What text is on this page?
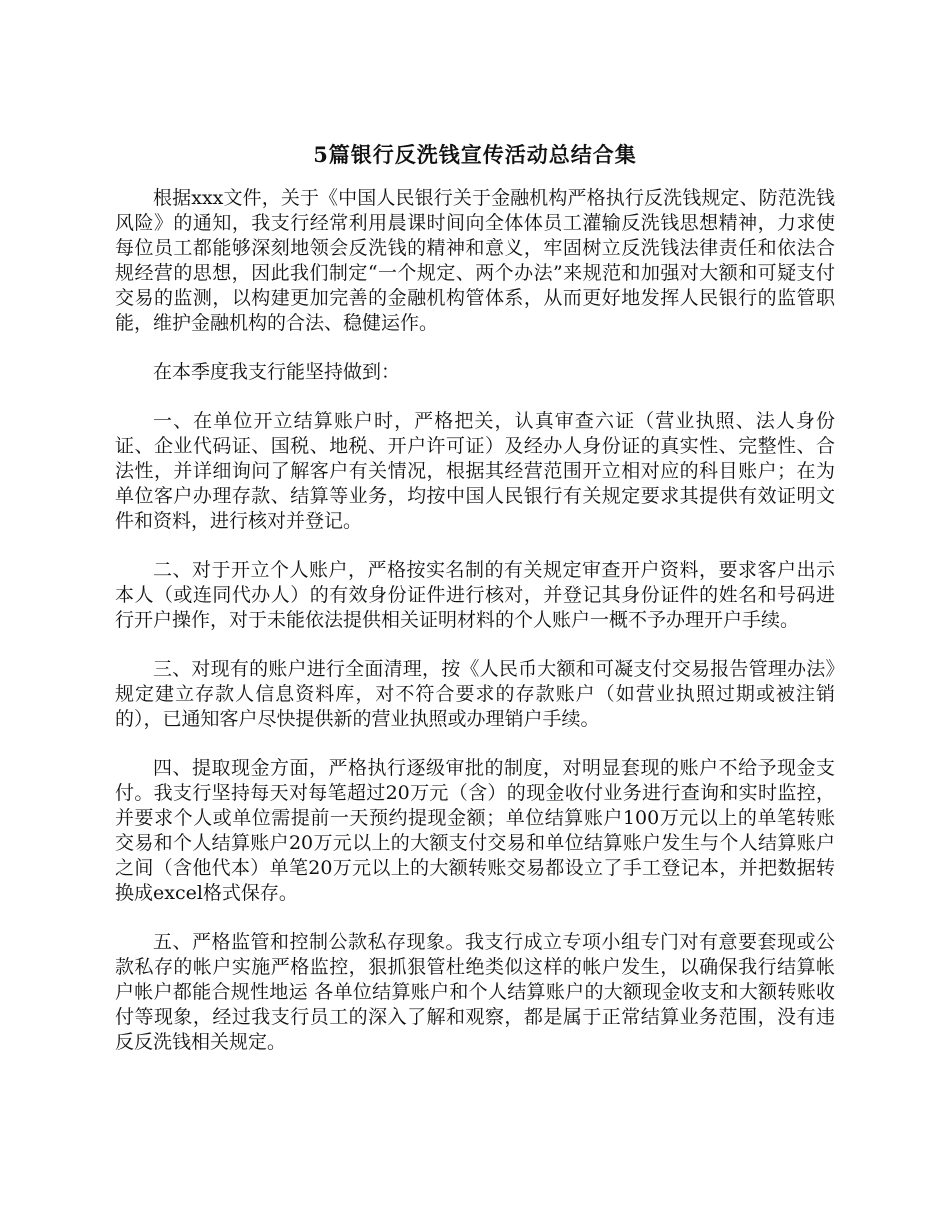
5篇银行反洗钱宣传活动总结合集

根据xxx文件，关于《中国人民银行关于金融机构严格执行反洗钱规定、防范洗钱风险》的通知，我支行经常利用晨课时间向全体体员工灌输反洗钱思想精神，力求使每位员工都能够深刻地领会反洗钱的精神和意义，牢固树立反洗钱法律责任和依法合规经营的思想，因此我们制定“一个规定、两个办法”来规范和加强对大额和可疑支付交易的监测，以构建更加完善的金融机构管体系，从而更好地发挥人民银行的监管职能，维护金融机构的合法、稳健运作。

在本季度我支行能坚持做到：

一、在单位开立结算账户时，严格把关，认真审查六证（营业执照、法人身份证、企业代码证、国税、地税、开户许可证）及经办人身份证的真实性、完整性、合法性，并详细询问了解客户有关情况，根据其经营范围开立相对应的科目账户；在为单位客户办理存款、结算等业务，均按中国人民银行有关规定要求其提供有效证明文件和资料，进行核对并登记。

二、对于开立个人账户，严格按实名制的有关规定审查开户资料，要求客户出示本人（或连同代办人）的有效身份证件进行核对，并登记其身份证件的姓名和号码进行开户操作，对于未能依法提供相关证明材料的个人账户一概不予办理开户手续。

三、对现有的账户进行全面清理，按《人民币大额和可凝支付交易报告管理办法》规定建立存款人信息资料库，对不符合要求的存款账户（如营业执照过期或被注销的），已通知客户尽快提供新的营业执照或办理销户手续。

四、提取现金方面，严格执行逐级审批的制度，对明显套现的账户不给予现金支付。我支行坚持每天对每笔超过20万元（含）的现金收付业务进行查询和实时监控，并要求个人或单位需提前一天预约提现金额；单位结算账户100万元以上的单笔转账交易和个人结算账户20万元以上的大额支付交易和单位结算账户发生与个人结算账户之间（含他代本）单笔20万元以上的大额转账交易都设立了手工登记本，并把数据转换成excel格式保存。

五、严格监管和控制公款私存现象。我支行成立专项小组专门对有意要套现或公款私存的帐户实施严格监控，狠抓狠管杜绝类似这样的帐户发生，以确保我行结算帐户帐户都能合规性地运 各单位结算账户和个人结算账户的大额现金收支和大额转账收付等现象，经过我支行员工的深入了解和观察，都是属于正常结算业务范围，没有违反反洗钱相关规定。
